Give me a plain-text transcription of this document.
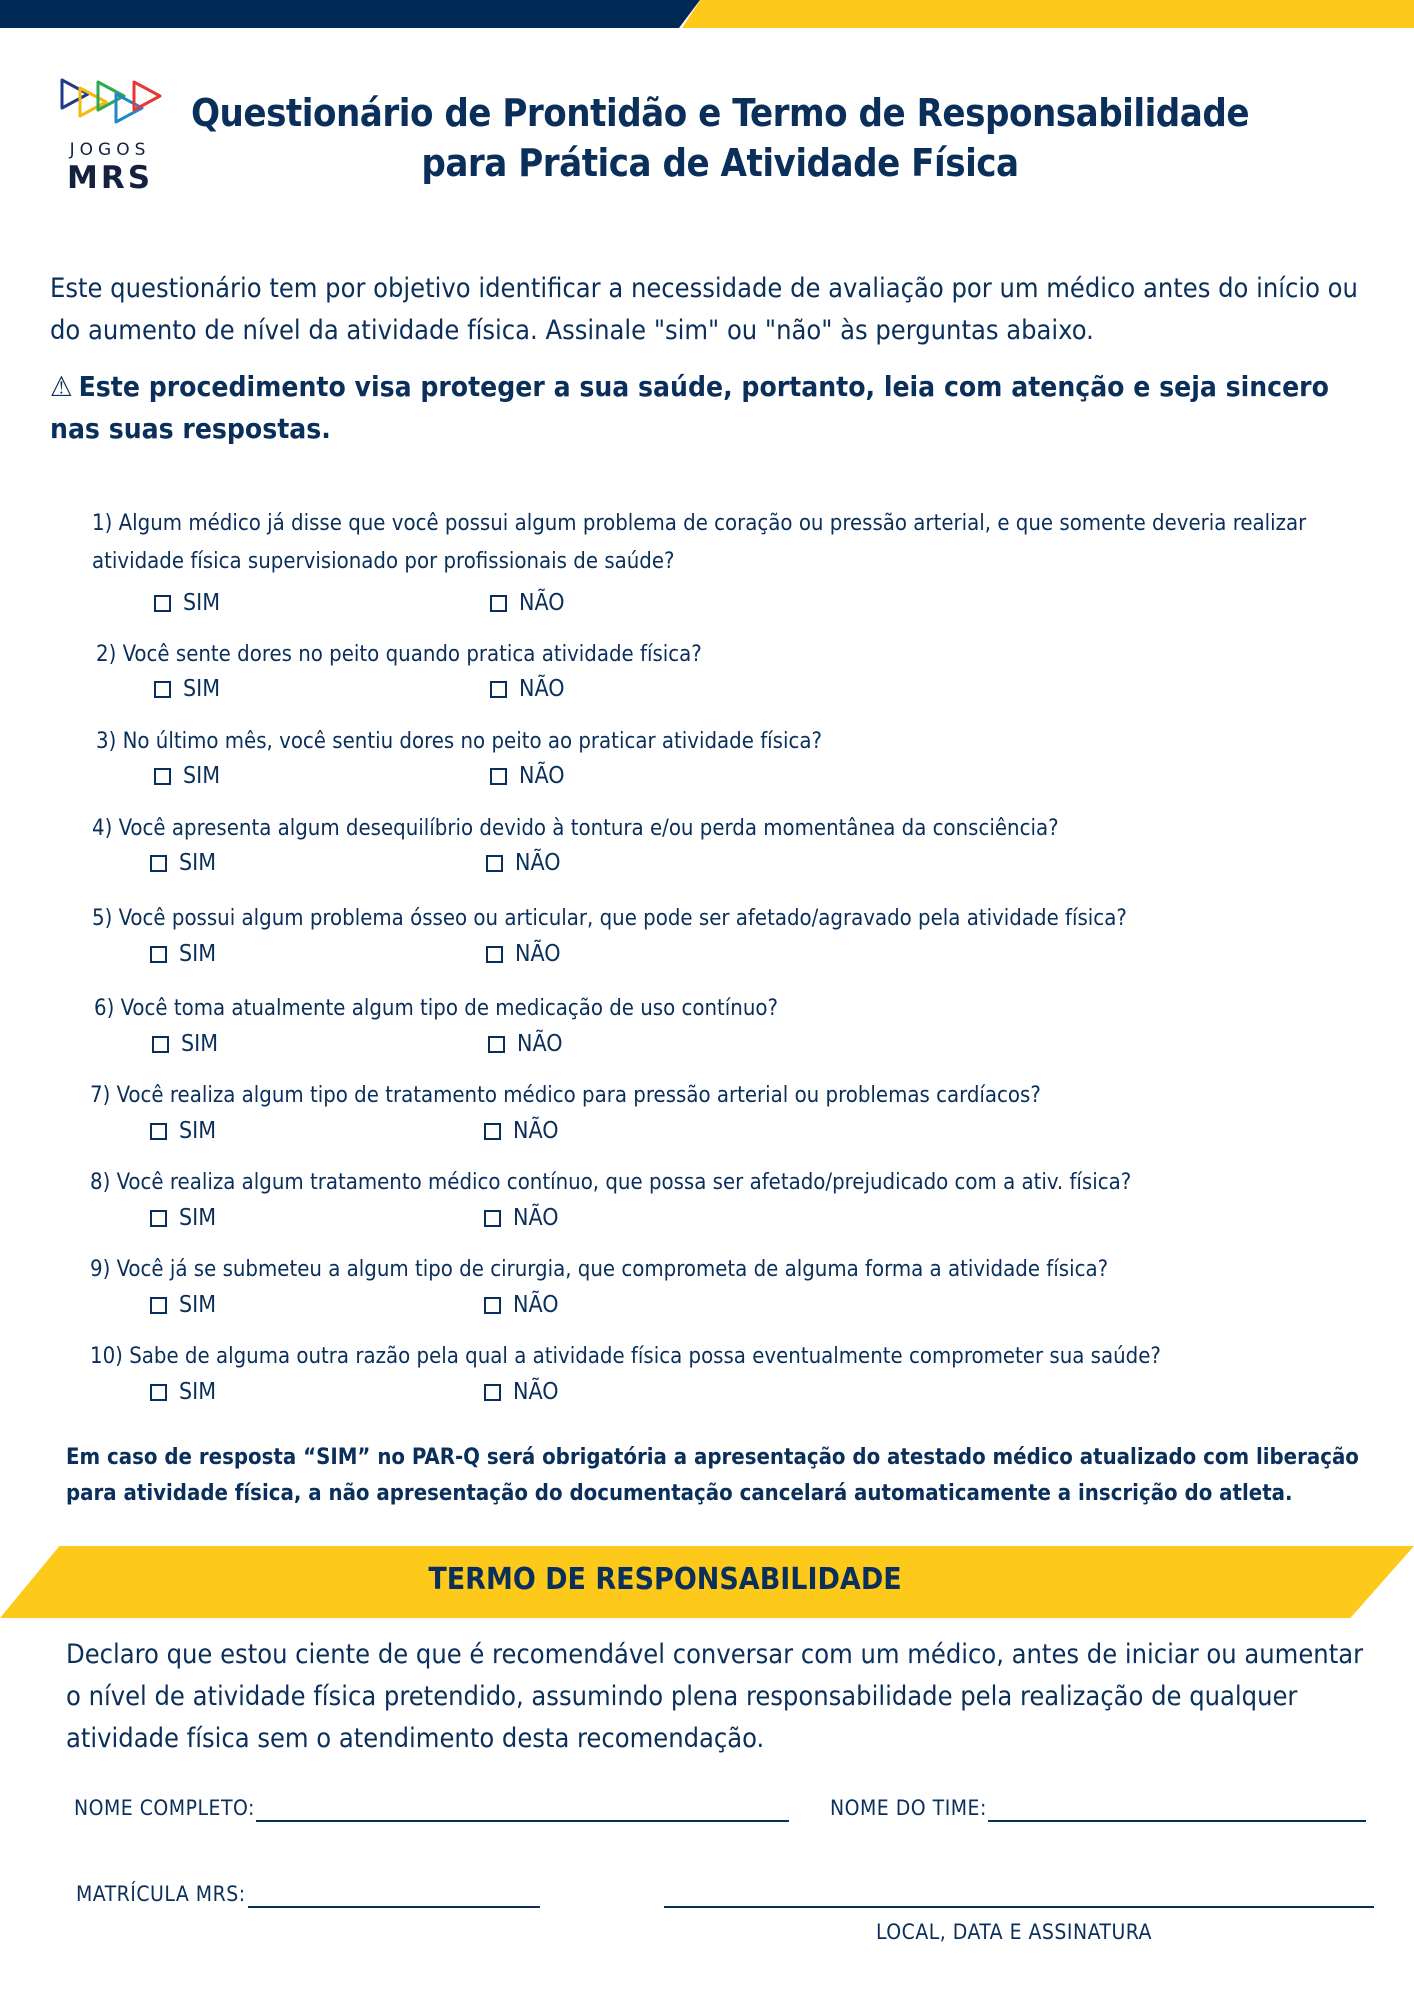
JOGOS
MRS
Questionário de Prontidão e Termo de Responsabilidade
para Prática de Atividade Física
Este questionário tem por objetivo identificar a necessidade de avaliação por um médico antes do início ou do aumento de nível da atividade física. Assinale "sim" ou "não" às perguntas abaixo.
⚠ Este procedimento visa proteger a sua saúde, portanto, leia com atenção e seja sincero nas suas respostas.
1) Algum médico já disse que você possui algum problema de coração ou pressão arterial, e que somente deveria realizar atividade física supervisionado por profissionais de saúde?
SIM	NÃO
2) Você sente dores no peito quando pratica atividade física?
SIM	NÃO
3) No último mês, você sentiu dores no peito ao praticar atividade física?
SIM	NÃO
4) Você apresenta algum desequilíbrio devido à tontura e/ou perda momentânea da consciência?
SIM	NÃO
5) Você possui algum problema ósseo ou articular, que pode ser afetado/agravado pela atividade física?
SIM	NÃO
6) Você toma atualmente algum tipo de medicação de uso contínuo?
SIM	NÃO
7) Você realiza algum tipo de tratamento médico para pressão arterial ou problemas cardíacos?
SIM	NÃO
8) Você realiza algum tratamento médico contínuo, que possa ser afetado/prejudicado com a ativ. física?
SIM	NÃO
9) Você já se submeteu a algum tipo de cirurgia, que comprometa de alguma forma a atividade física?
SIM	NÃO
10) Sabe de alguma outra razão pela qual a atividade física possa eventualmente comprometer sua saúde?
SIM	NÃO
Em caso de resposta “SIM” no PAR-Q será obrigatória a apresentação do atestado médico atualizado com liberação para atividade física, a não apresentação do documentação cancelará automaticamente a inscrição do atleta.
TERMO DE RESPONSABILIDADE
Declaro que estou ciente de que é recomendável conversar com um médico, antes de iniciar ou aumentar o nível de atividade física pretendido, assumindo plena responsabilidade pela realização de qualquer atividade física sem o atendimento desta recomendação.
NOME COMPLETO:	NOME DO TIME:
MATRÍCULA MRS:
LOCAL, DATA E ASSINATURA
